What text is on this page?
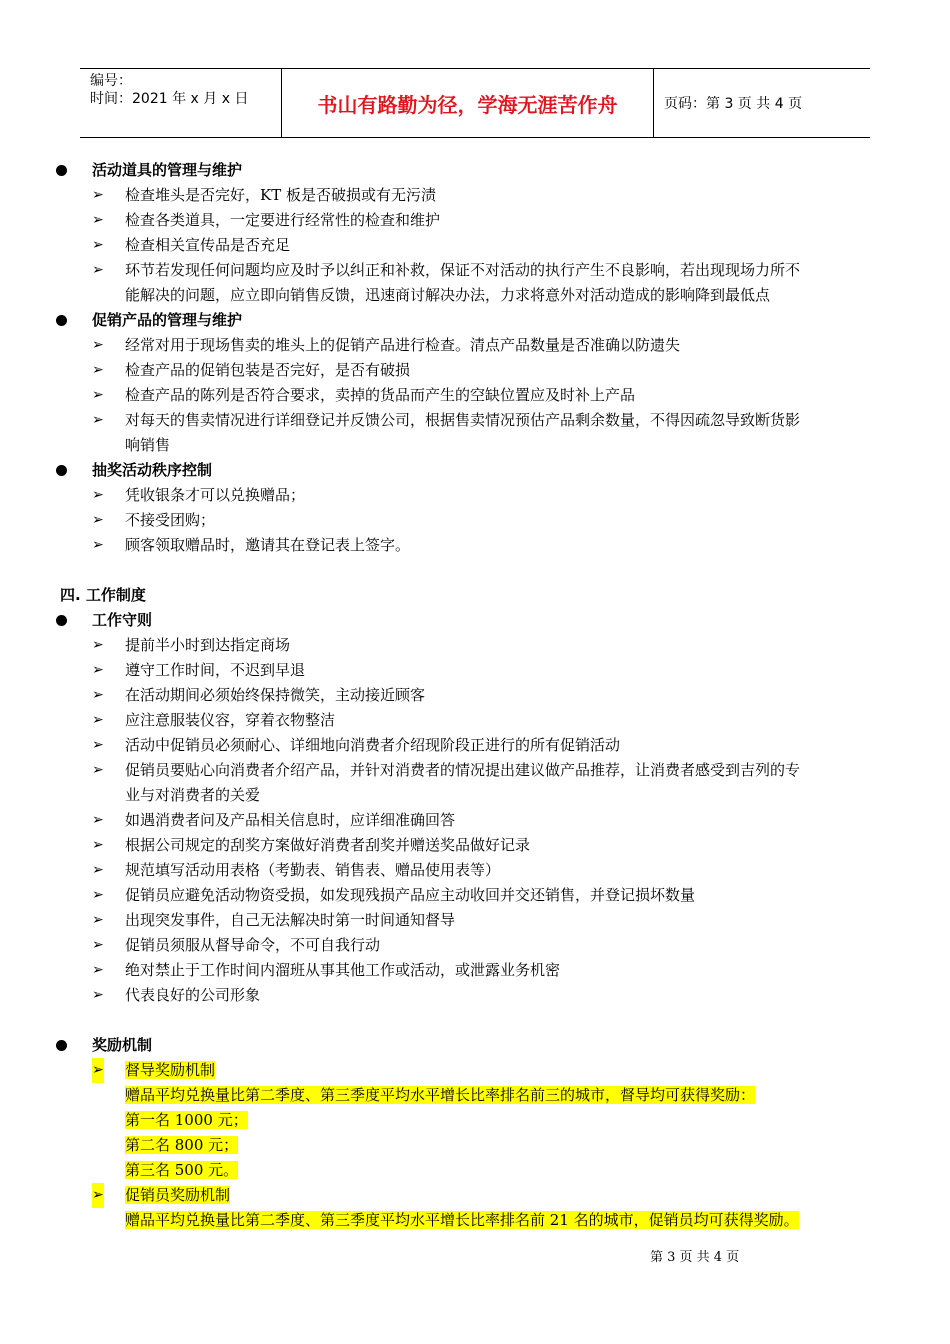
编号：
时间：2021 年 x 月 x 日	书山有路勤为径，学海无涯苦作舟	页码：第 3 页 共 4 页
活动道具的管理与维护
➢ 检查堆头是否完好，KT 板是否破损或有无污渍
➢ 检查各类道具，一定要进行经常性的检查和维护
➢ 检查相关宣传品是否充足
➢ 环节若发现任何问题均应及时予以纠正和补救，保证不对活动的执行产生不良影响，若出现现场力所不
能解决的问题，应立即向销售反馈，迅速商讨解决办法，力求将意外对活动造成的影响降到最低点
促销产品的管理与维护
➢ 经常对用于现场售卖的堆头上的促销产品进行检查。清点产品数量是否准确以防遗失
➢ 检查产品的促销包装是否完好，是否有破损
➢ 检查产品的陈列是否符合要求，卖掉的货品而产生的空缺位置应及时补上产品
➢ 对每天的售卖情况进行详细登记并反馈公司，根据售卖情况预估产品剩余数量，不得因疏忽导致断货影
响销售
抽奖活动秩序控制
➢ 凭收银条才可以兑换赠品；
➢ 不接受团购；
➢ 顾客领取赠品时，邀请其在登记表上签字。
四. 工作制度
工作守则
➢ 提前半小时到达指定商场
➢ 遵守工作时间，不迟到早退
➢ 在活动期间必须始终保持微笑，主动接近顾客
➢ 应注意服装仪容，穿着衣物整洁
➢ 活动中促销员必须耐心、详细地向消费者介绍现阶段正进行的所有促销活动
➢ 促销员要贴心向消费者介绍产品，并针对消费者的情况提出建议做产品推荐，让消费者感受到吉列的专
业与对消费者的关爱
➢ 如遇消费者问及产品相关信息时，应详细准确回答
➢ 根据公司规定的刮奖方案做好消费者刮奖并赠送奖品做好记录
➢ 规范填写活动用表格（考勤表、销售表、赠品使用表等）
➢ 促销员应避免活动物资受损，如发现残损产品应主动收回并交还销售，并登记损坏数量
➢ 出现突发事件，自己无法解决时第一时间通知督导
➢ 促销员须服从督导命令，不可自我行动
➢ 绝对禁止于工作时间内溜班从事其他工作或活动，或泄露业务机密
➢ 代表良好的公司形象
奖励机制
➢ 督导奖励机制
赠品平均兑换量比第二季度、第三季度平均水平增长比率排名前三的城市，督导均可获得奖励：
第一名 1000 元；
第二名 800 元；
第三名 500 元。
➢ 促销员奖励机制
赠品平均兑换量比第二季度、第三季度平均水平增长比率排名前 21 名的城市，促销员均可获得奖励。
第 3 页 共 4 页
